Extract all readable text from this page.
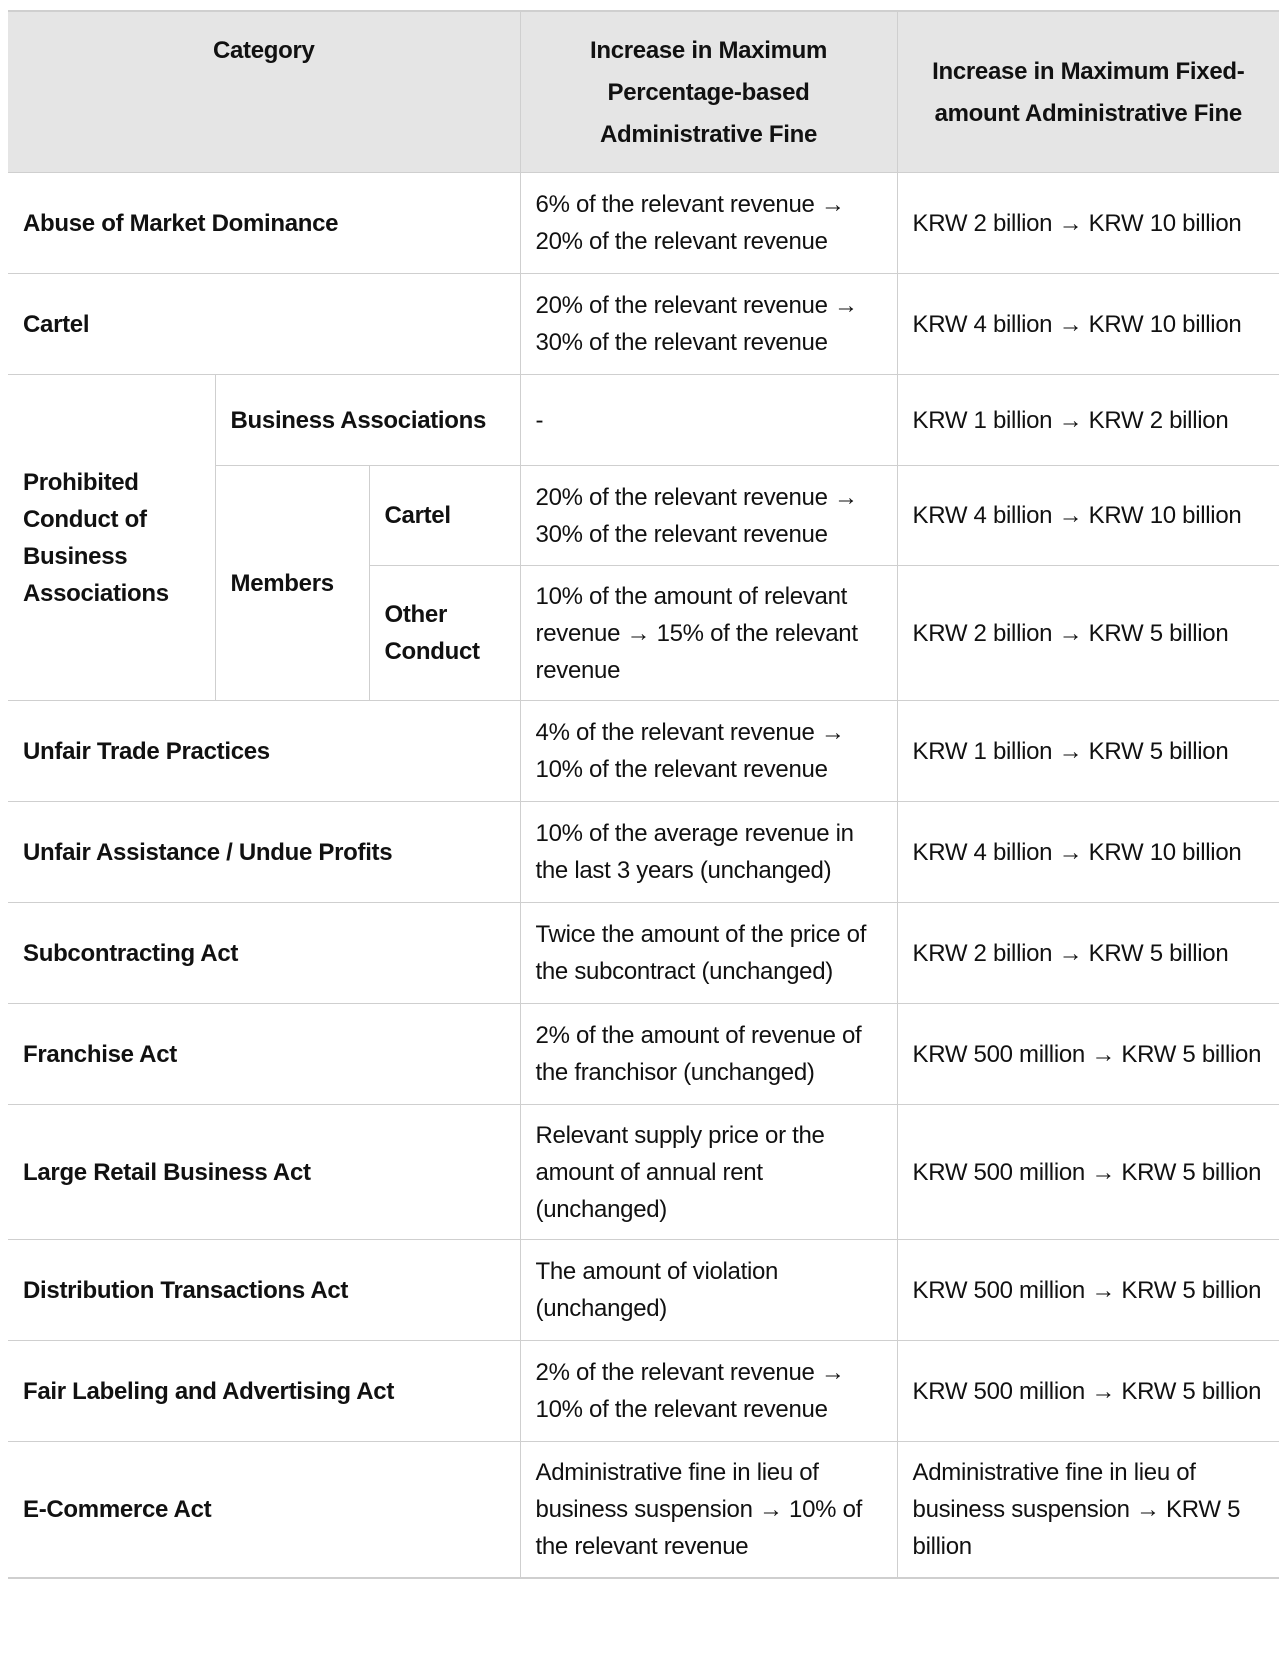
Category			Increase in Maximum Percentage-based Administrative Fine	Increase in Maximum Fixed-amount Administrative Fine
Abuse of Market Dominance			6% of the relevant revenue → 20% of the relevant revenue	KRW 2 billion → KRW 10 billion
Cartel			20% of the relevant revenue → 30% of the relevant revenue	KRW 4 billion → KRW 10 billion
Prohibited Conduct of Business Associations	Business Associations		-	KRW 1 billion → KRW 2 billion
	Members	Cartel	20% of the relevant revenue → 30% of the relevant revenue	KRW 4 billion → KRW 10 billion
		Other Conduct	10% of the amount of relevant revenue → 15% of the relevant revenue	KRW 2 billion → KRW 5 billion
Unfair Trade Practices			4% of the relevant revenue → 10% of the relevant revenue	KRW 1 billion → KRW 5 billion
Unfair Assistance / Undue Profits			10% of the average revenue in the last 3 years (unchanged)	KRW 4 billion → KRW 10 billion
Subcontracting Act			Twice the amount of the price of the subcontract (unchanged)	KRW 2 billion → KRW 5 billion
Franchise Act			2% of the amount of revenue of the franchisor (unchanged)	KRW 500 million → KRW 5 billion
Large Retail Business Act			Relevant supply price or the amount of annual rent (unchanged)	KRW 500 million → KRW 5 billion
Distribution Transactions Act			The amount of violation (unchanged)	KRW 500 million → KRW 5 billion
Fair Labeling and Advertising Act			2% of the relevant revenue → 10% of the relevant revenue	KRW 500 million → KRW 5 billion
E-Commerce Act			Administrative fine in lieu of business suspension → 10% of the relevant revenue	Administrative fine in lieu of business suspension → KRW 5 billion
